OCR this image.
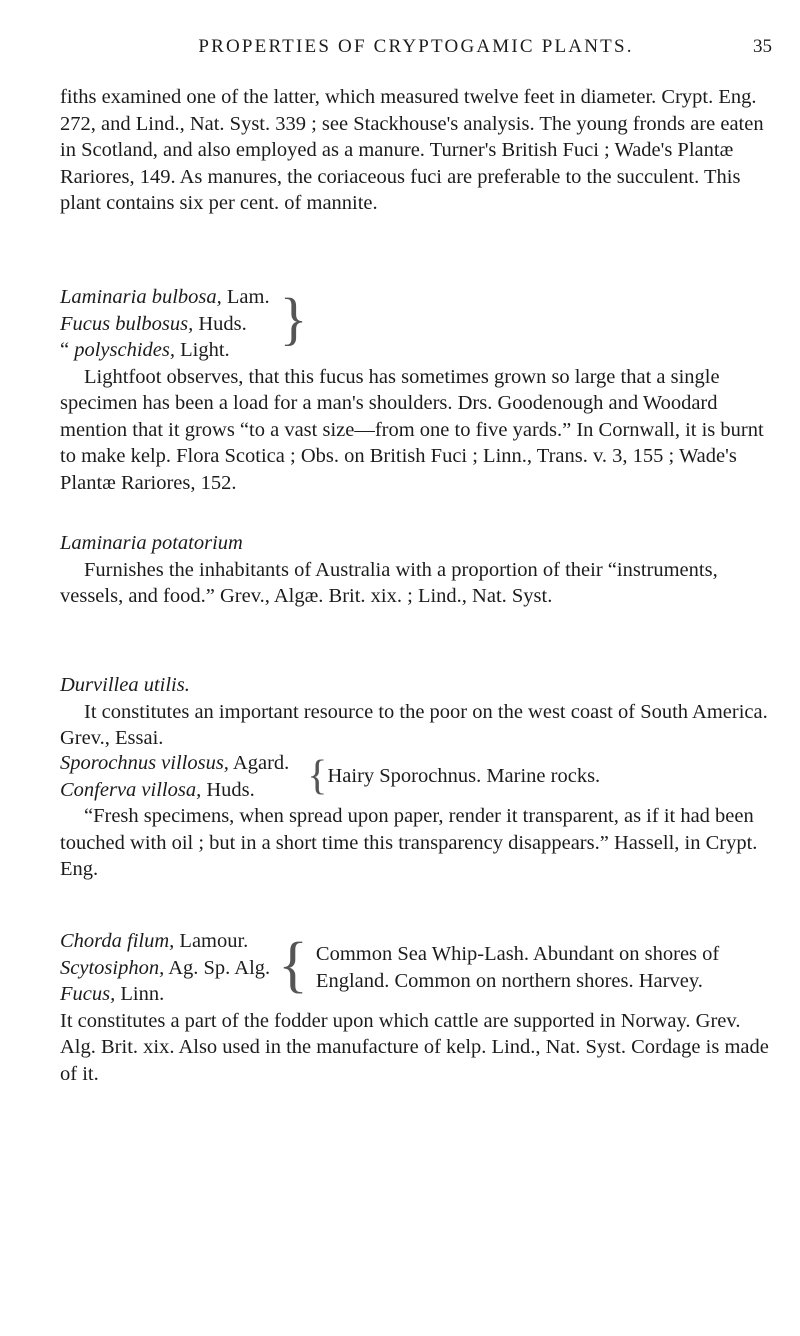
PROPERTIES OF CRYPTOGAMIC PLANTS.	35

fiths examined one of the latter, which measured twelve feet in diameter. Crypt. Eng. 272, and Lind., Nat. Syst. 339 ; see Stackhouse's analysis. The young fronds are eaten in Scotland, and also employed as a manure. Turner's British Fuci ; Wade's Plantæ Rariores, 149. As manures, the coriaceous fuci are preferable to the succulent. This plant contains six per cent. of mannite.

Laminaria bulbosa, Lam.
Fucus bulbosus, Huds.
“ polyschides, Light. }

Lightfoot observes, that this fucus has sometimes grown so large that a single specimen has been a load for a man's shoulders. Drs. Goodenough and Woodard mention that it grows “to a vast size—from one to five yards.” In Cornwall, it is burnt to make kelp. Flora Scotica ; Obs. on British Fuci ; Linn., Trans. v. 3, 155 ; Wade's Plantæ Rariores, 152.

Laminaria potatorium

Furnishes the inhabitants of Australia with a proportion of their “instruments, vessels, and food.” Grev., Algæ. Brit. xix. ; Lind., Nat. Syst.

Durvillea utilis.

It constitutes an important resource to the poor on the west coast of South America. Grev., Essai.

Sporochnus villosus, Agard.
Conferva villosa, Huds.	{ Hairy Sporochnus. Marine rocks.

“Fresh specimens, when spread upon paper, render it transparent, as if it had been touched with oil ; but in a short time this transparency disappears.” Hassell, in Crypt. Eng.

Chorda filum, Lamour.
Scytosiphon, Ag. Sp. Alg.
Fucus, Linn.	{ Common Sea Whip-Lash. Abundant on shores of England. Common on northern shores. Harvey.

It constitutes a part of the fodder upon which cattle are supported in Norway. Grev. Alg. Brit. xix. Also used in the manufacture of kelp. Lind., Nat. Syst. Cordage is made of it.
